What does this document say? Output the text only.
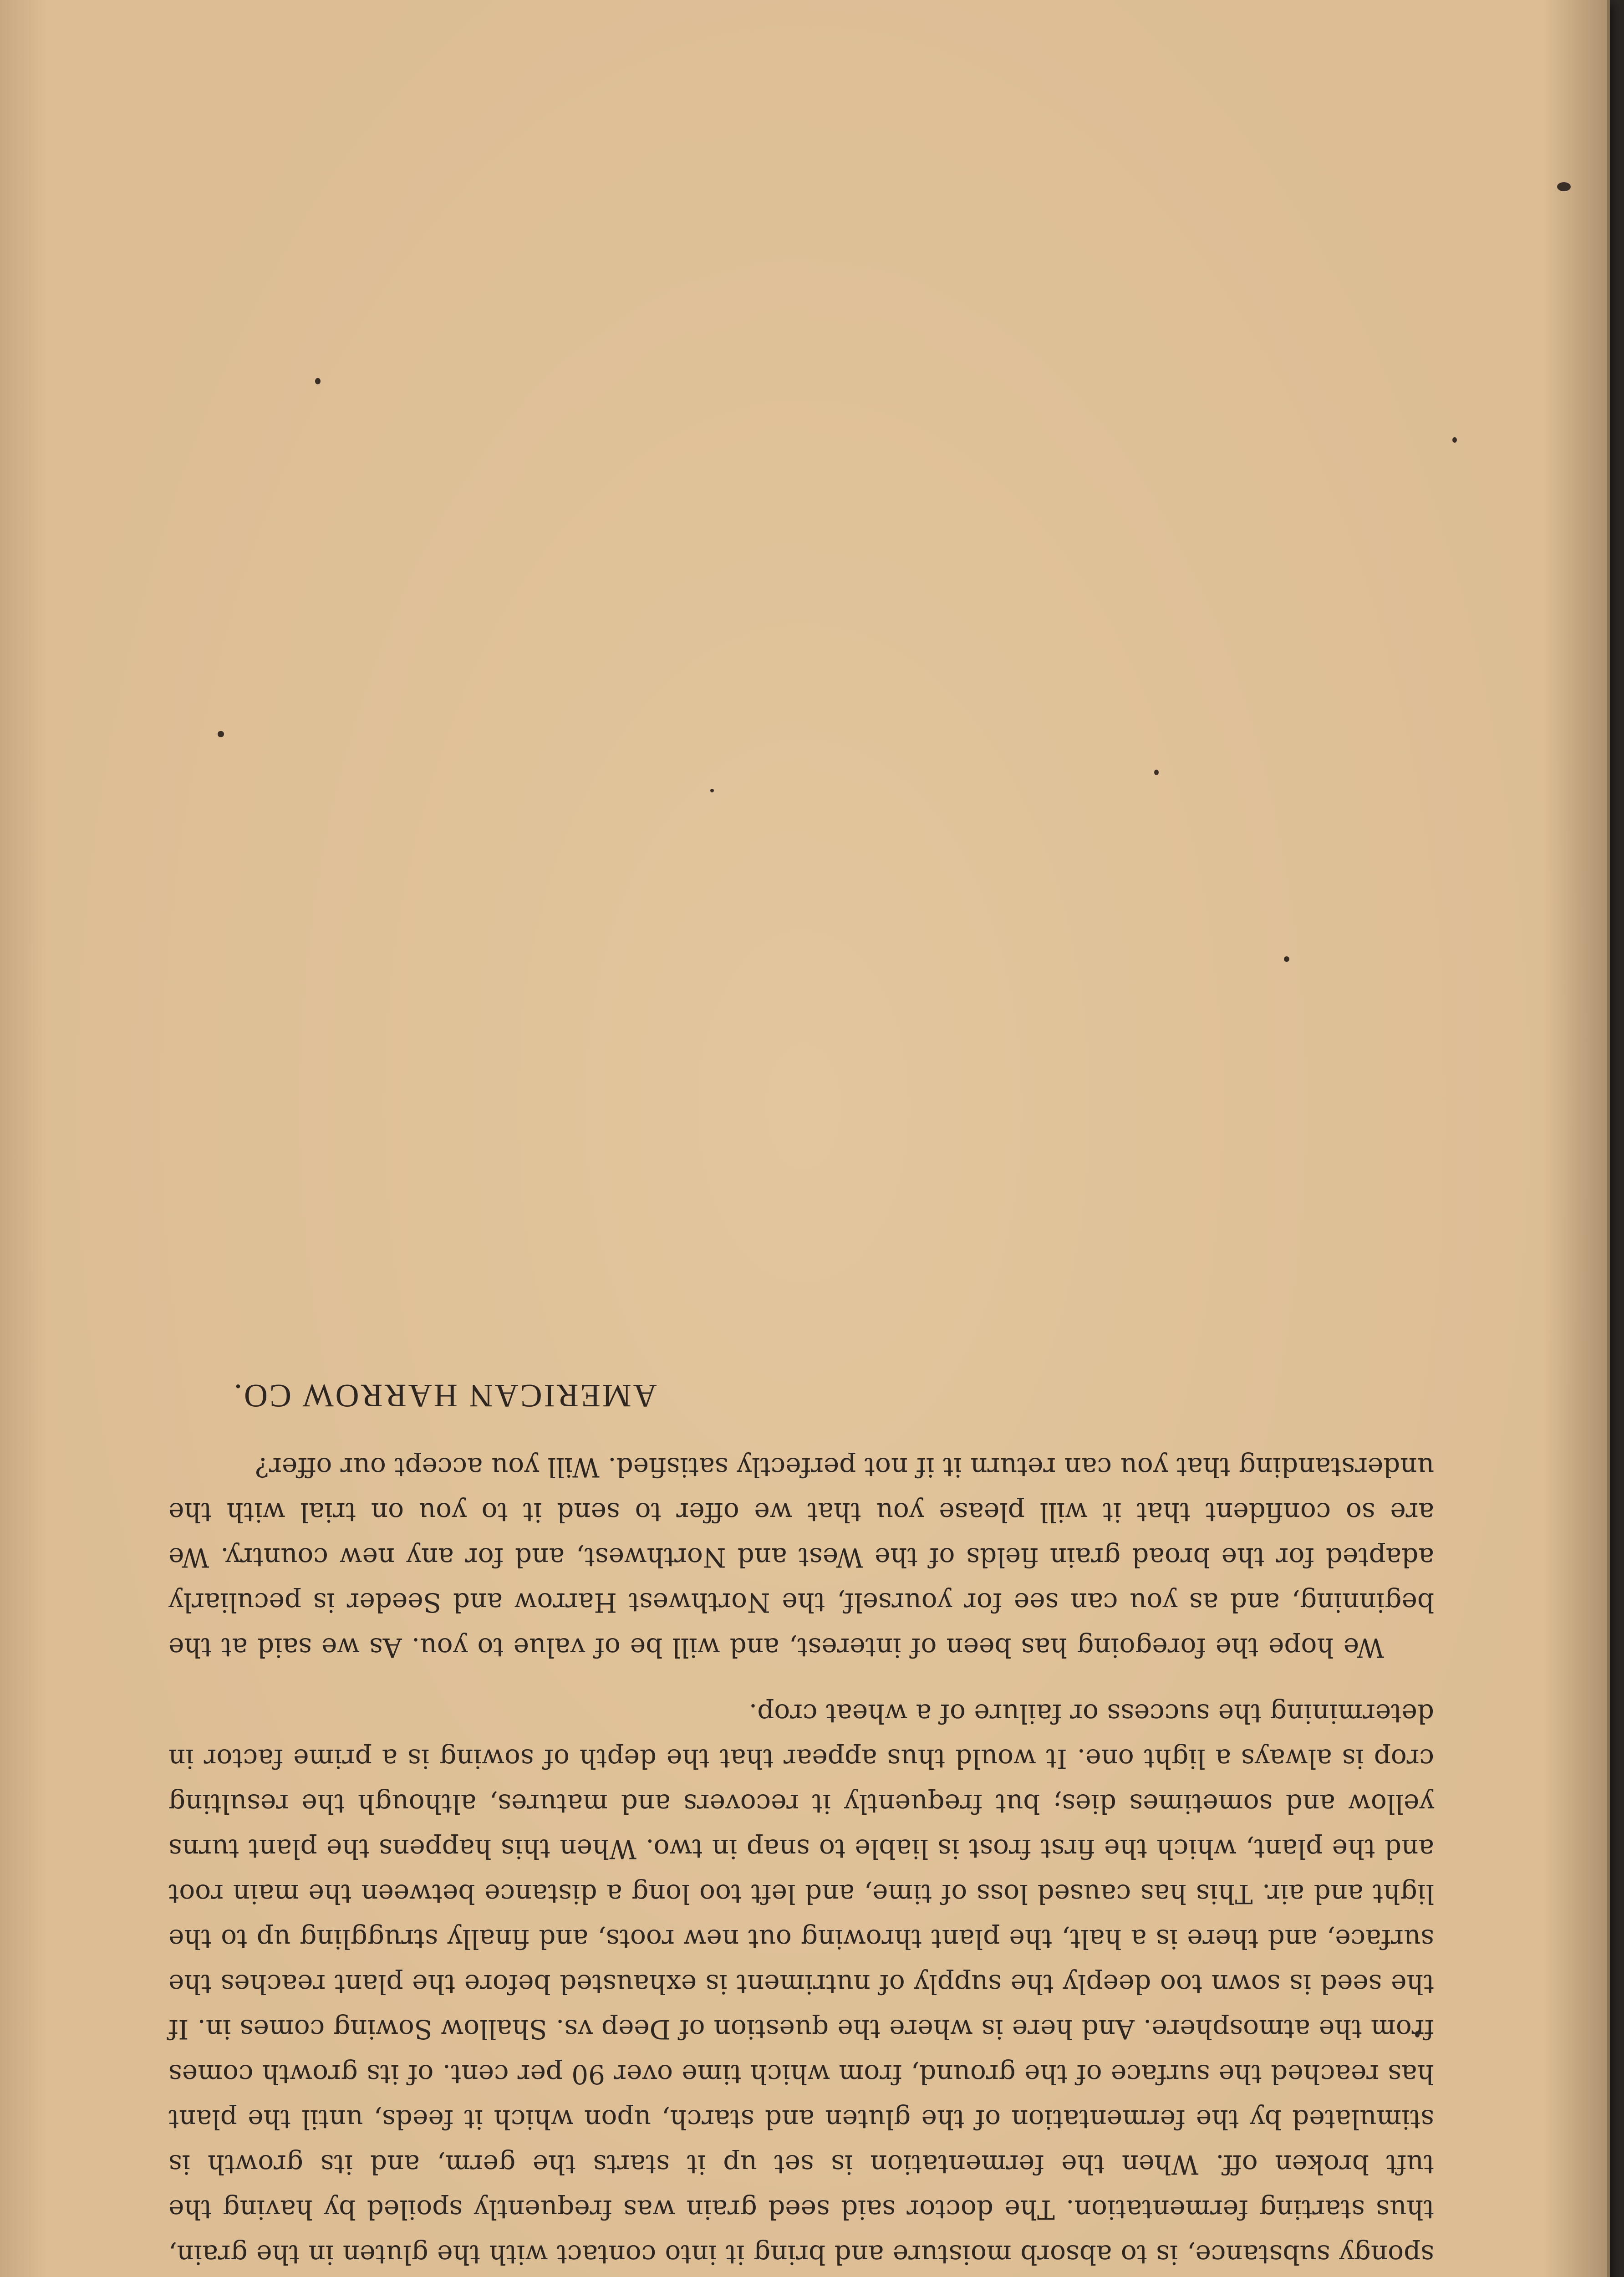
spongy substance, is to absorb moisture and bring it into contact with the gluten in the grain, thus starting fermentation. The doctor said seed grain was frequently spoiled by having the tuft broken off. When the fermentation is set up it starts the germ, and its growth is stimulated by the fermentation of the gluten and starch, upon which it feeds, until the plant has reached the surface of the ground, from which time over 90 per cent. of its growth comes from the atmosphere. And here is where the question of Deep vs. Shallow Sowing comes in. If the seed is sown too deeply the supply of nutriment is exhausted before the plant reaches the surface, and there is a halt, the plant throwing out new roots, and finally struggling up to the light and air. This has caused loss of time, and left too long a distance between the main root and the plant, which the first frost is liable to snap in two. When this happens the plant turns yellow and sometimes dies; but frequently it recovers and matures, although the resulting crop is always a light one. It would thus appear that the depth of sowing is a prime factor in determining the success or failure of a wheat crop.

We hope the foregoing has been of interest, and will be of value to you. As we said at the beginning, and as you can see for yourself, the Northwest Harrow and Seeder is peculiarly adapted for the broad grain fields of the West and Northwest, and for any new country. We are so confident that it will please you that we offer to send it to you on trial with the understanding that you can return it if not perfectly satisfied. Will you accept our offer?

AMERICAN HARROW CO.
